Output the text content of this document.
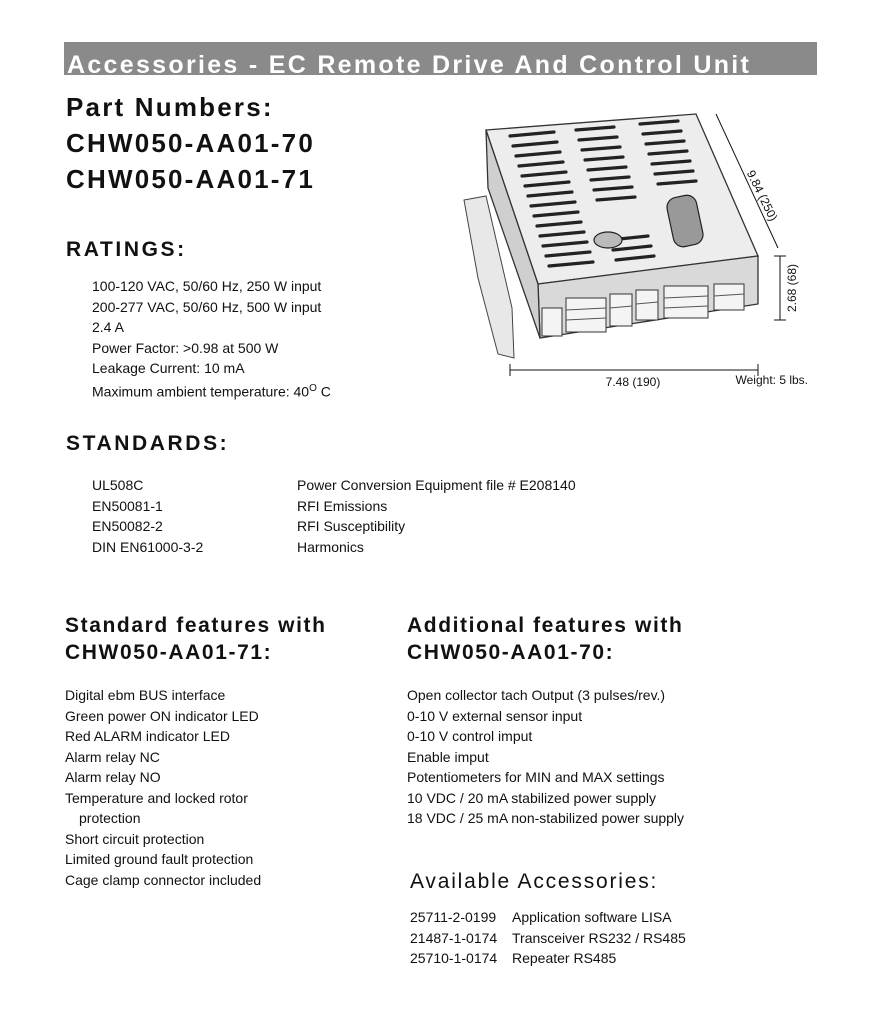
Accessories - EC Remote Drive And Control Unit
Part Numbers:
CHW050-AA01-70
CHW050-AA01-71
RATINGS:
100-120 VAC, 50/60 Hz, 250 W input
200-277 VAC, 50/60 Hz, 500 W input
2.4 A
Power Factor: >0.98 at 500 W
Leakage Current: 10 mA
Maximum ambient temperature: $40^O$ C
9.84 (250)
2.68 (68)
7.48 (190)	Weight: 5 lbs.
STANDARDS:
UL508C	Power Conversion Equipment file # E208140
EN50081-1	RFI Emissions
EN50082-2	RFI Susceptibility
DIN EN61000-3-2	Harmonics
Standard features with
CHW050-AA01-71:
Digital ebm BUS interface
Green power ON indicator LED
Red ALARM indicator LED
Alarm relay NC
Alarm relay NO
Temperature and locked rotor
protection
Short circuit protection
Limited ground fault protection
Cage clamp connector included
Additional features with
CHW050-AA01-70:
Open collector tach Output (3 pulses/rev.)
0-10 V external sensor input
0-10 V control imput
Enable imput
Potentiometers for MIN and MAX settings
10 VDC / 20 mA stabilized power supply
18 VDC / 25 mA non-stabilized power supply
Available Accessories:
25711-2-0199	Application software LISA
21487-1-0174	Transceiver RS232 / RS485
25710-1-0174	Repeater RS485
